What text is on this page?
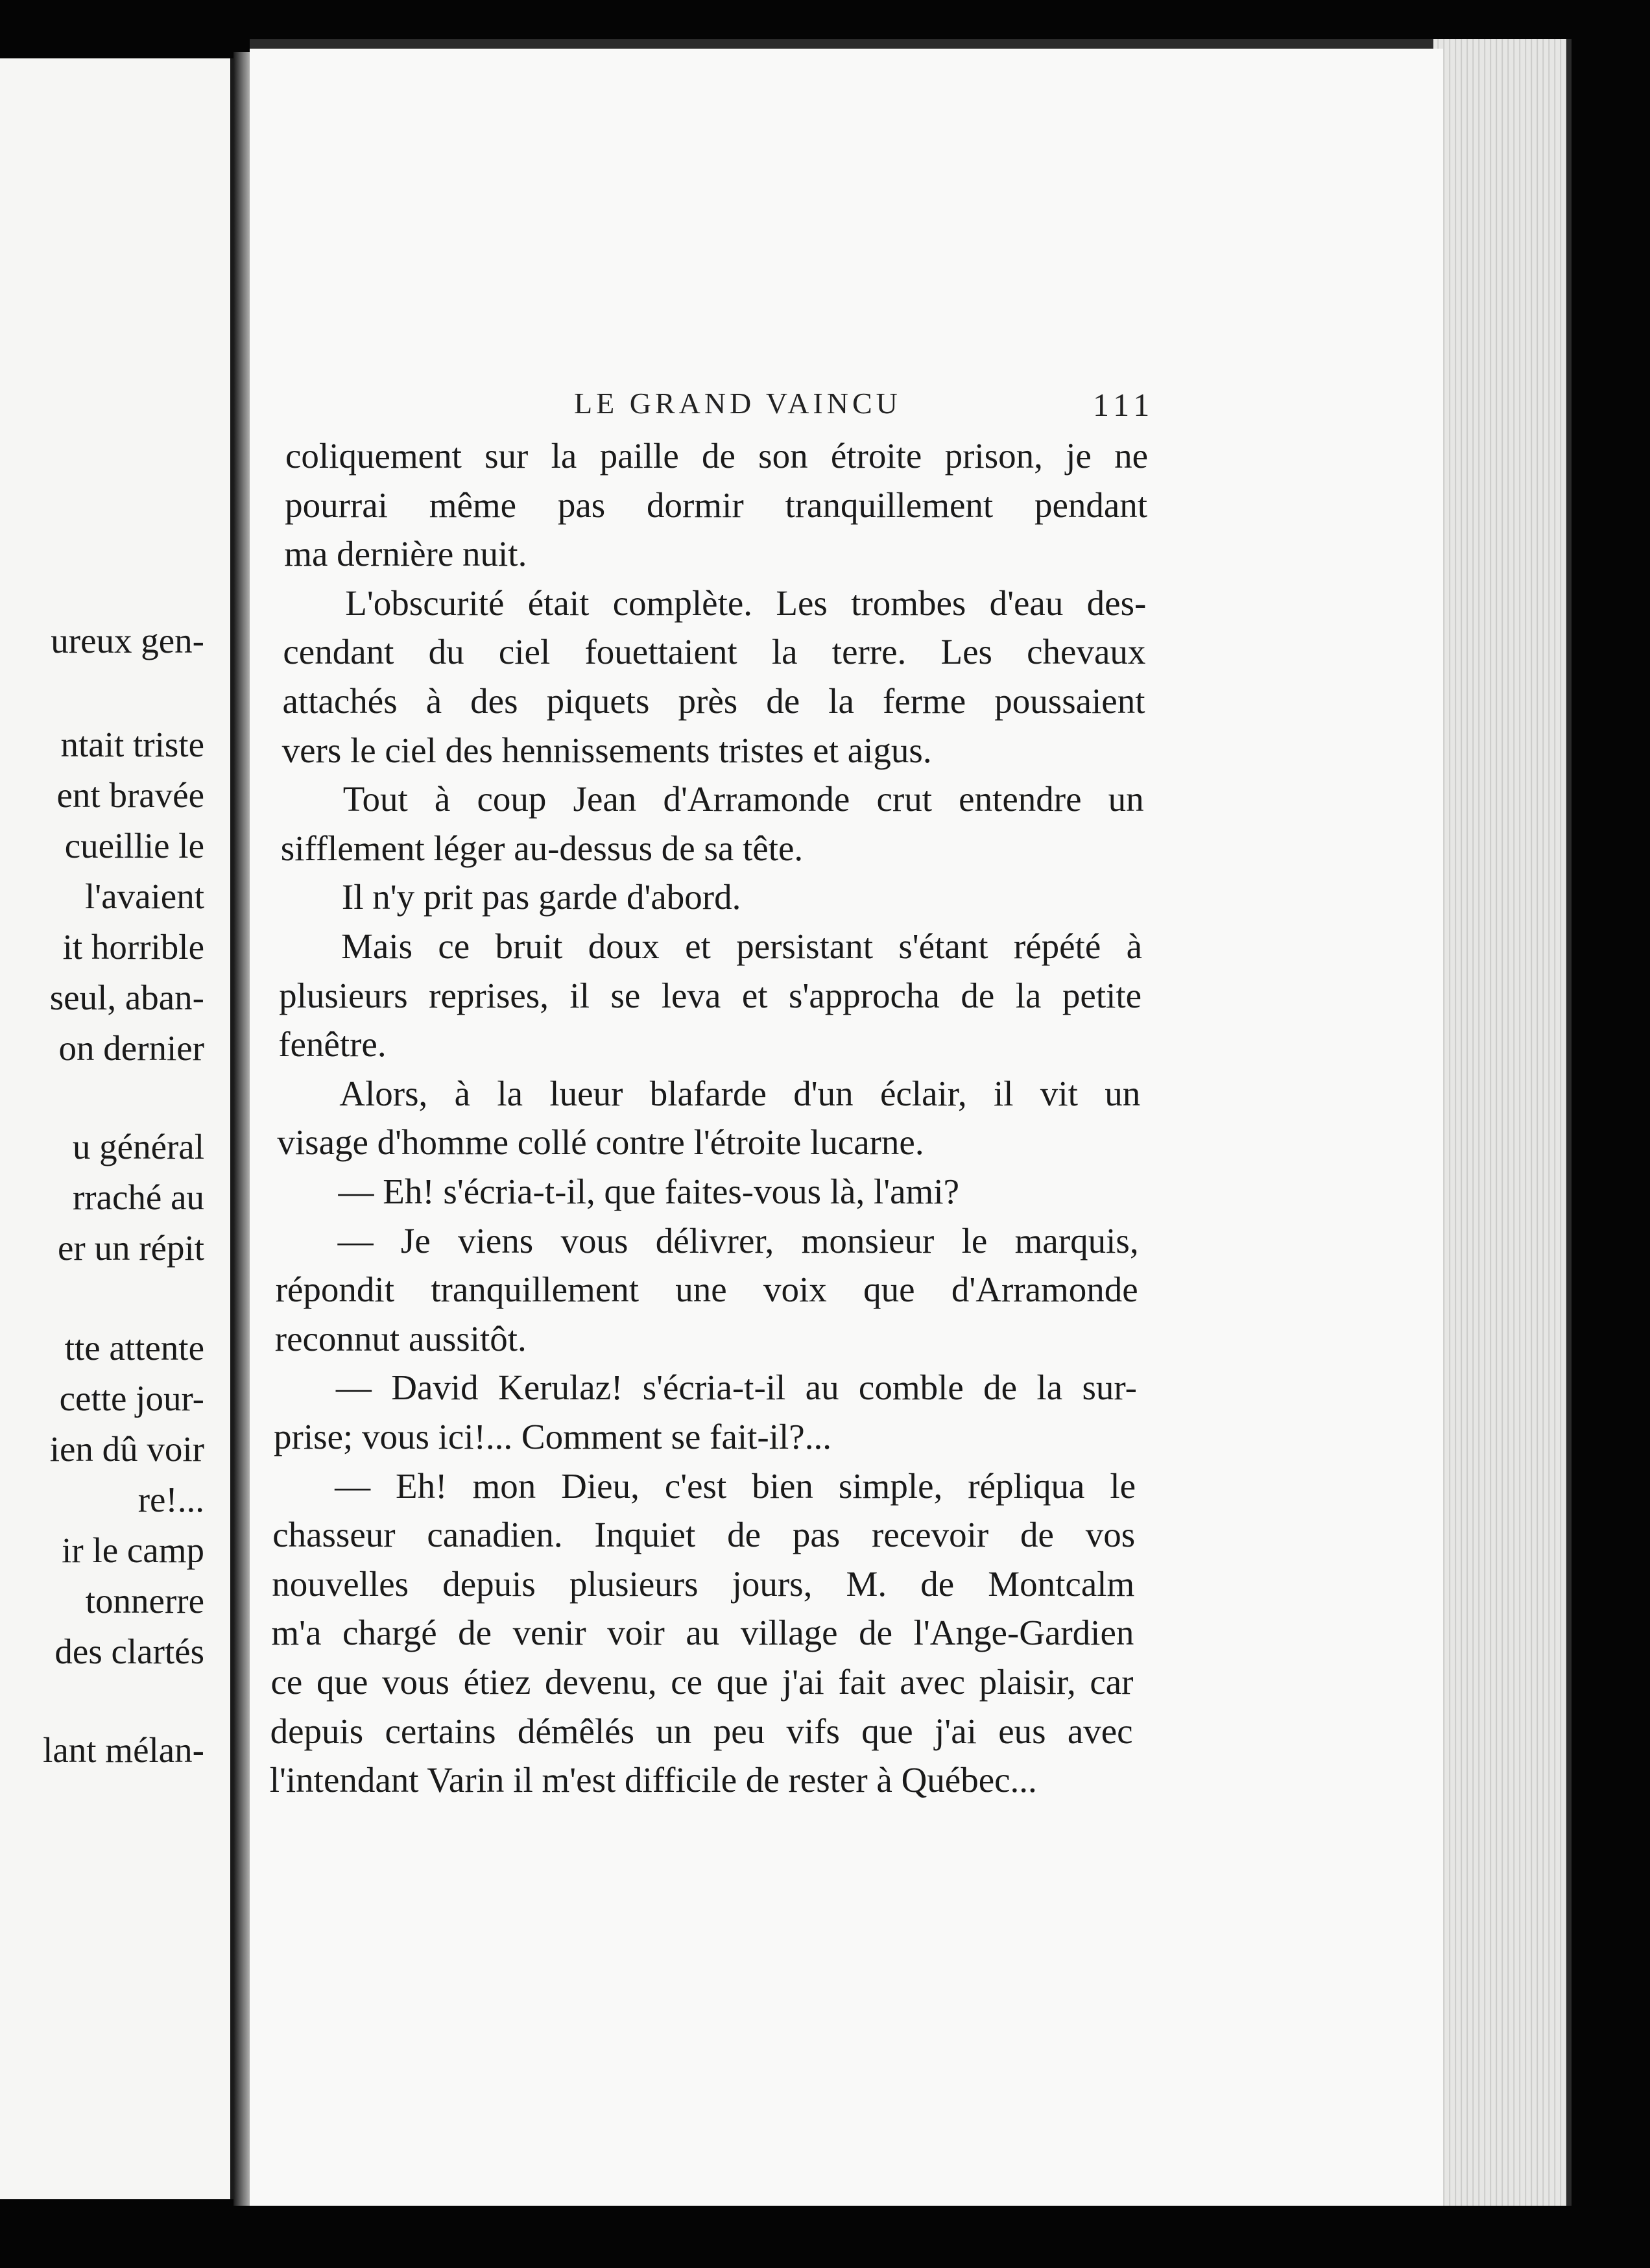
ureux gen-
ntait triste
ent bravée
cueillie le
l'avaient
it horrible
seul, aban-
on dernier
u général
rraché au
er un répit
tte attente
cette jour-
ien dû voir
re!...
ir le camp
tonnerre
des clartés
lant mélan-
LE GRAND VAINCU	111
coliquement sur la paille de son étroite prison, je ne
pourrai même pas dormir tranquillement pendant
ma dernière nuit.
L'obscurité était complète. Les trombes d'eau des-
cendant du ciel fouettaient la terre. Les chevaux
attachés à des piquets près de la ferme poussaient
vers le ciel des hennissements tristes et aigus.
Tout à coup Jean d'Arramonde crut entendre un
sifflement léger au-dessus de sa tête.
Il n'y prit pas garde d'abord.
Mais ce bruit doux et persistant s'étant répété à
plusieurs reprises, il se leva et s'approcha de la petite
fenêtre.
Alors, à la lueur blafarde d'un éclair, il vit un
visage d'homme collé contre l'étroite lucarne.
— Eh! s'écria-t-il, que faites-vous là, l'ami?
— Je viens vous délivrer, monsieur le marquis,
répondit tranquillement une voix que d'Arramonde
reconnut aussitôt.
— David Kerulaz! s'écria-t-il au comble de la sur-
prise; vous ici!... Comment se fait-il?...
— Eh! mon Dieu, c'est bien simple, répliqua le
chasseur canadien. Inquiet de pas recevoir de vos
nouvelles depuis plusieurs jours, M. de Montcalm
m'a chargé de venir voir au village de l'Ange-Gardien
ce que vous étiez devenu, ce que j'ai fait avec plaisir, car
depuis certains démêlés un peu vifs que j'ai eus avec
l'intendant Varin il m'est difficile de rester à Québec...
